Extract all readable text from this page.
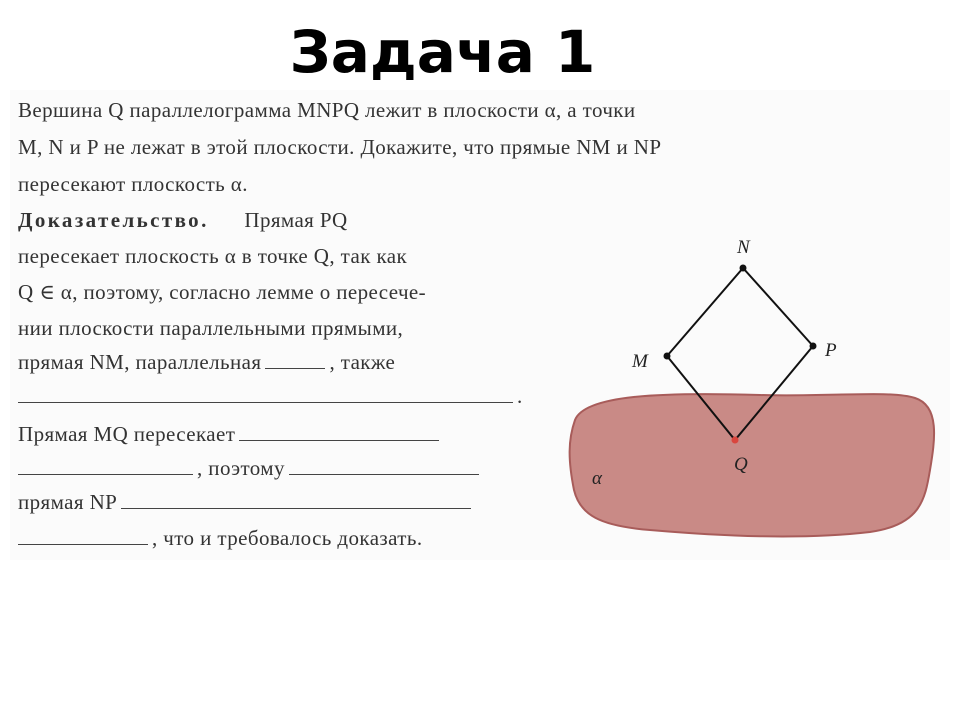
Задача 1
Вершина Q параллелограмма MNPQ лежит в плоскости α, а точки
M, N и P не лежат в этой плоскости. Докажите, что прямые NM и NP
пересекают плоскость α.
Доказательство. Прямая PQ
пересекает плоскость α в точке Q, так как
Q ∈ α, поэтому, согласно лемме о пересече-
нии плоскости параллельными прямыми,
прямая NM, параллельная	, также
.
Прямая MQ пересекает
, поэтому
прямая NP
, что и требовалось доказать.
N
M
P
Q
α
